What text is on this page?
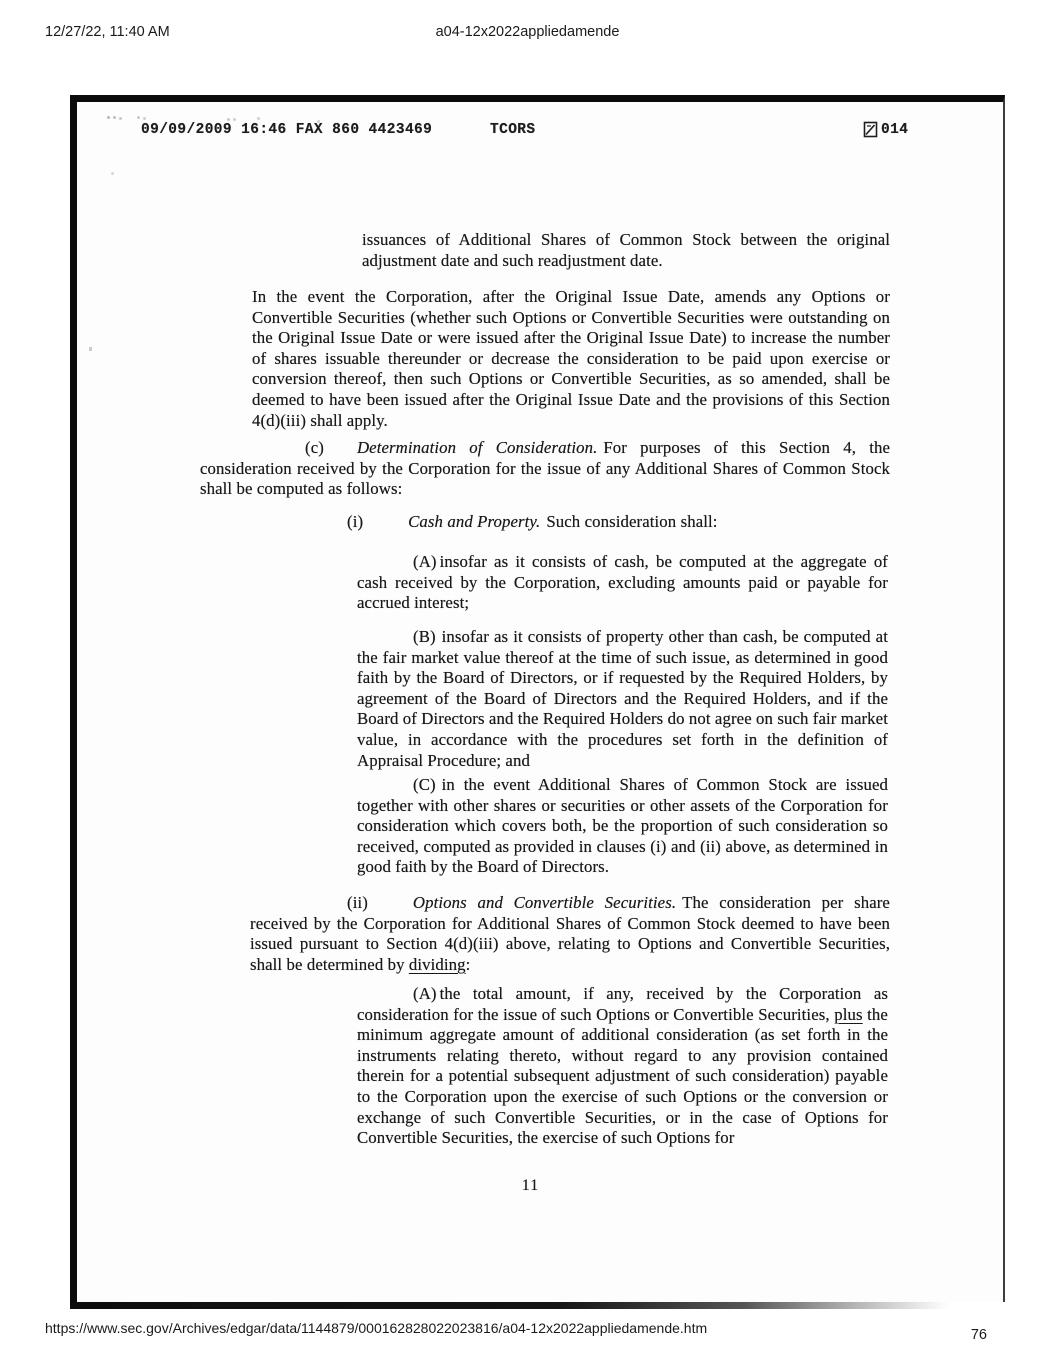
12/27/22, 11:40 AM	a04-12x2022appliedamende
09/09/2009 16:46 FAX 860 4423469	TCORS	014

issuances of Additional Shares of Common Stock between the original adjustment date and such readjustment date.

In the event the Corporation, after the Original Issue Date, amends any Options or Convertible Securities (whether such Options or Convertible Securities were outstanding on the Original Issue Date or were issued after the Original Issue Date) to increase the number of shares issuable thereunder or decrease the consideration to be paid upon exercise or conversion thereof, then such Options or Convertible Securities, as so amended, shall be deemed to have been issued after the Original Issue Date and the provisions of this Section 4(d)(iii) shall apply.

(c) Determination of Consideration. For purposes of this Section 4, the consideration received by the Corporation for the issue of any Additional Shares of Common Stock shall be computed as follows:

(i)	Cash and Property. Such consideration shall:

(A) insofar as it consists of cash, be computed at the aggregate of cash received by the Corporation, excluding amounts paid or payable for accrued interest;

(B) insofar as it consists of property other than cash, be computed at the fair market value thereof at the time of such issue, as determined in good faith by the Board of Directors, or if requested by the Required Holders, by agreement of the Board of Directors and the Required Holders, and if the Board of Directors and the Required Holders do not agree on such fair market value, in accordance with the procedures set forth in the definition of Appraisal Procedure; and

(C) in the event Additional Shares of Common Stock are issued together with other shares or securities or other assets of the Corporation for consideration which covers both, be the proportion of such consideration so received, computed as provided in clauses (i) and (ii) above, as determined in good faith by the Board of Directors.

(ii)	Options and Convertible Securities. The consideration per share received by the Corporation for Additional Shares of Common Stock deemed to have been issued pursuant to Section 4(d)(iii) above, relating to Options and Convertible Securities, shall be determined by dividing:

(A) the total amount, if any, received by the Corporation as consideration for the issue of such Options or Convertible Securities, plus the minimum aggregate amount of additional consideration (as set forth in the instruments relating thereto, without regard to any provision contained therein for a potential subsequent adjustment of such consideration) payable to the Corporation upon the exercise of such Options or the conversion or exchange of such Convertible Securities, or in the case of Options for Convertible Securities, the exercise of such Options for

11
https://www.sec.gov/Archives/edgar/data/1144879/000162828022023816/a04-12x2022appliedamende.htm	76
